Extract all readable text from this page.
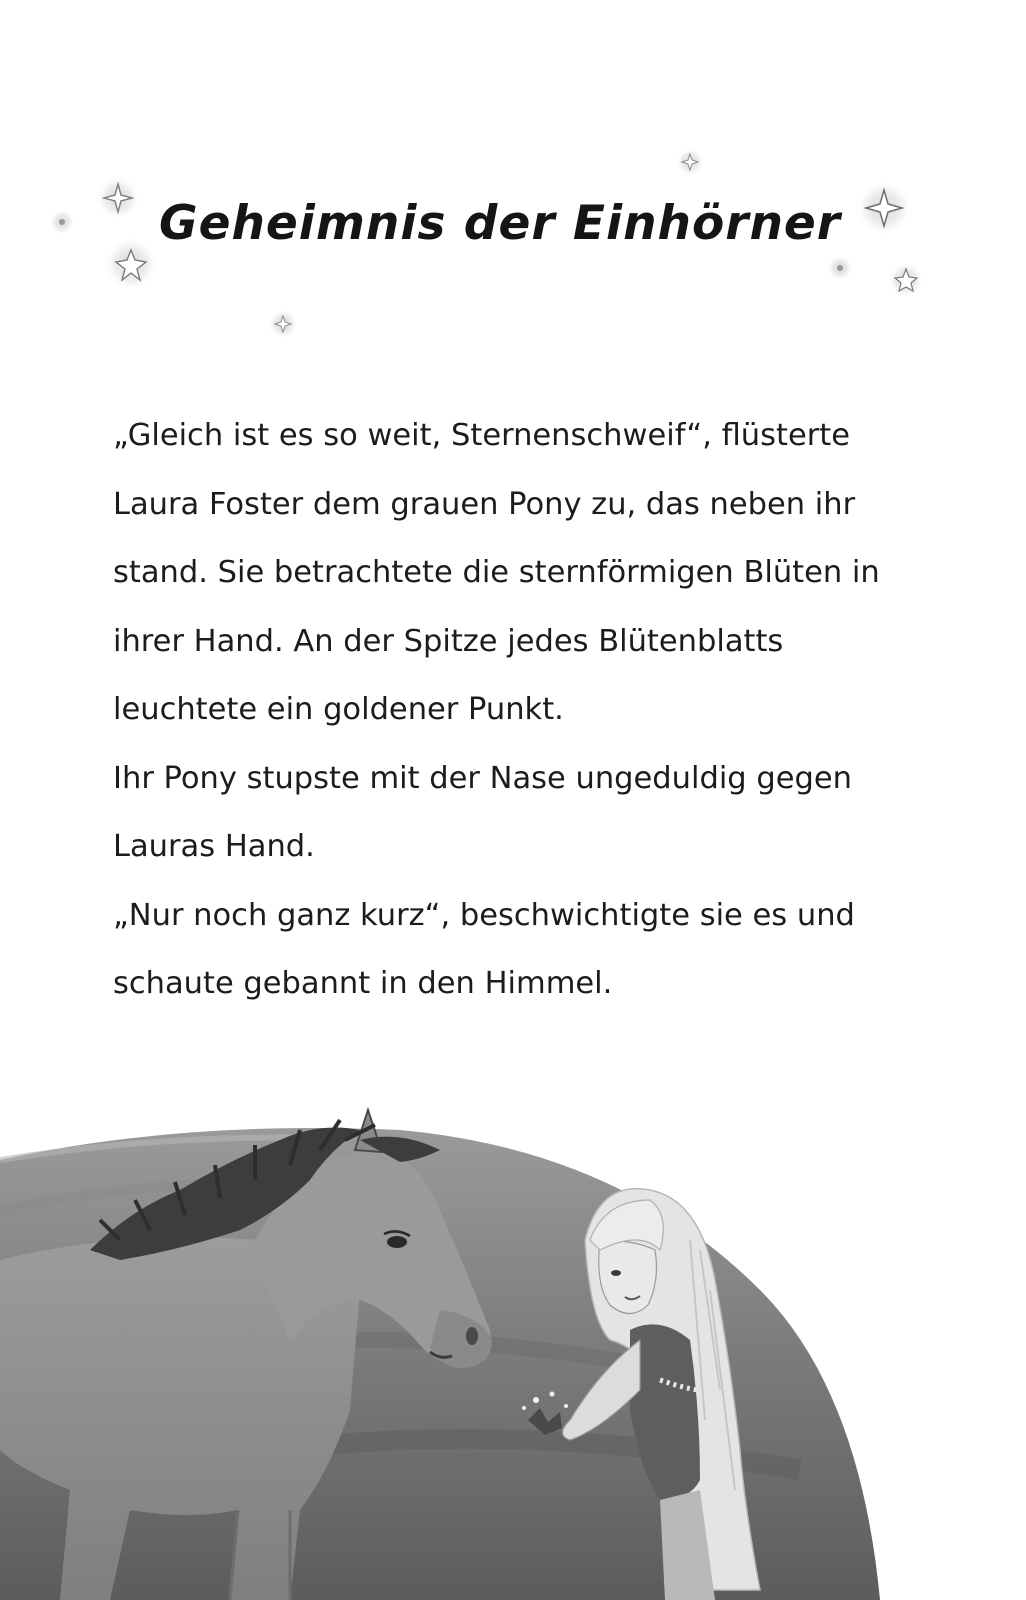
Geheimnis der Einhörner

„Gleich ist es so weit, Sternenschweif“, flüsterte Laura Foster dem grauen Pony zu, das neben ihr stand. Sie betrachtete die sternförmigen Blüten in ihrer Hand. An der Spitze jedes Blütenblatts leuchtete ein goldener Punkt.

Ihr Pony stupste mit der Nase ungeduldig gegen Lauras Hand.

„Nur noch ganz kurz“, beschwichtigte sie es und schaute gebannt in den Himmel.
